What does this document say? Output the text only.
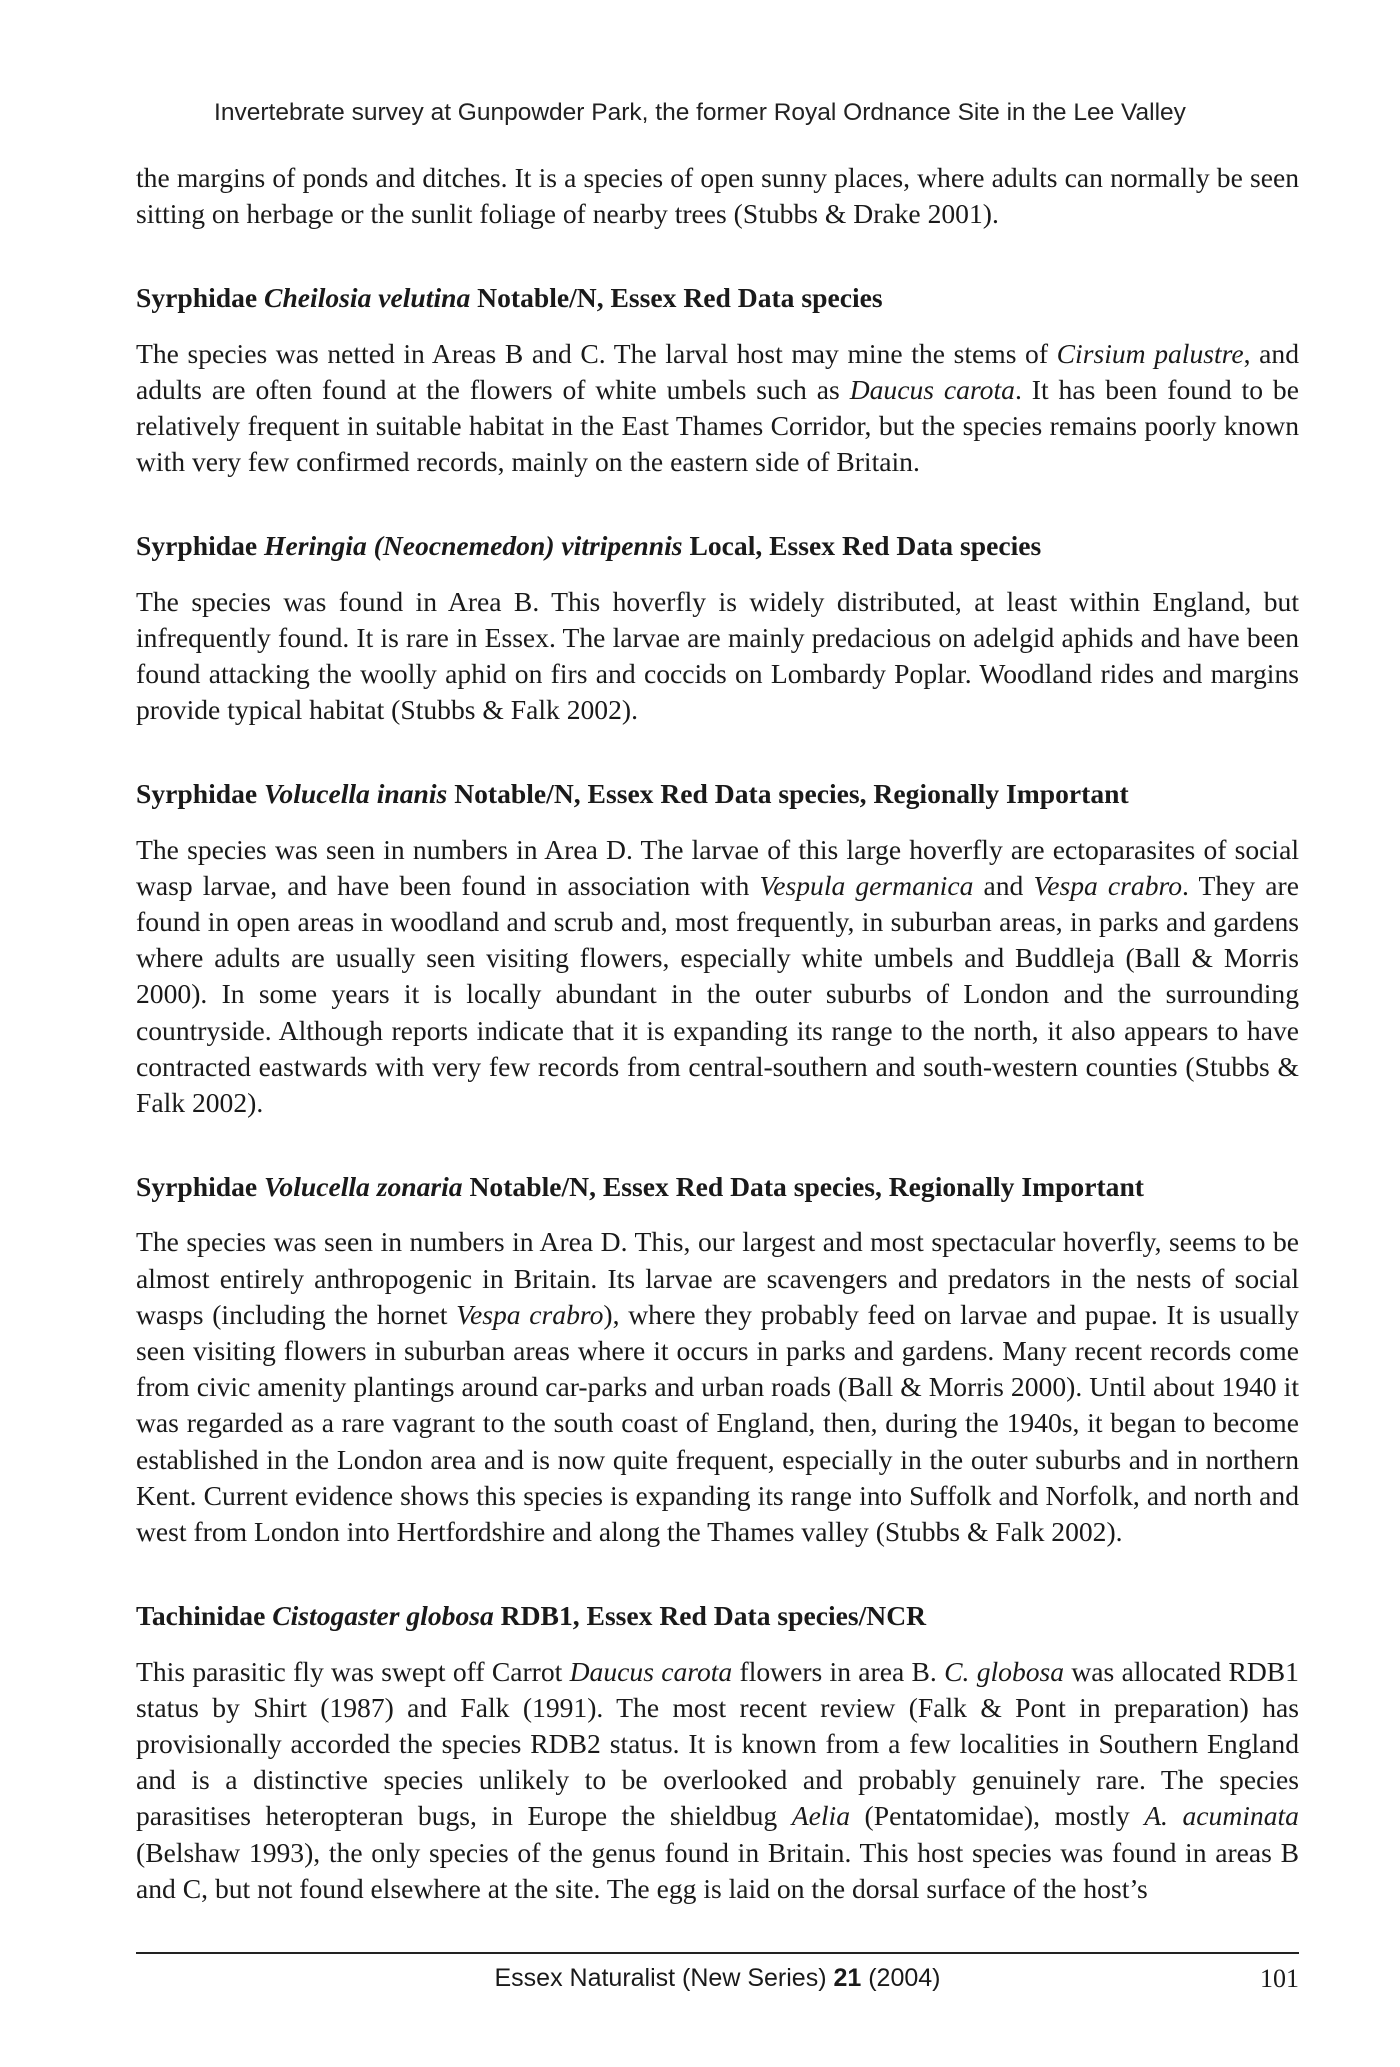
Invertebrate survey at Gunpowder Park, the former Royal Ordnance Site in the Lee Valley

the margins of ponds and ditches. It is a species of open sunny places, where adults can normally be seen sitting on herbage or the sunlit foliage of nearby trees (Stubbs & Drake 2001).

Syrphidae Cheilosia velutina Notable/N, Essex Red Data species

The species was netted in Areas B and C. The larval host may mine the stems of Cirsium palustre, and adults are often found at the flowers of white umbels such as Daucus carota. It has been found to be relatively frequent in suitable habitat in the East Thames Corridor, but the species remains poorly known with very few confirmed records, mainly on the eastern side of Britain.

Syrphidae Heringia (Neocnemedon) vitripennis Local, Essex Red Data species

The species was found in Area B. This hoverfly is widely distributed, at least within England, but infrequently found. It is rare in Essex. The larvae are mainly predacious on adelgid aphids and have been found attacking the woolly aphid on firs and coccids on Lombardy Poplar. Woodland rides and margins provide typical habitat (Stubbs & Falk 2002).

Syrphidae Volucella inanis Notable/N, Essex Red Data species, Regionally Important

The species was seen in numbers in Area D. The larvae of this large hoverfly are ectoparasites of social wasp larvae, and have been found in association with Vespula germanica and Vespa crabro. They are found in open areas in woodland and scrub and, most frequently, in suburban areas, in parks and gardens where adults are usually seen visiting flowers, especially white umbels and Buddleja (Ball & Morris 2000). In some years it is locally abundant in the outer suburbs of London and the surrounding countryside. Although reports indicate that it is expanding its range to the north, it also appears to have contracted eastwards with very few records from central-southern and south-western counties (Stubbs & Falk 2002).

Syrphidae Volucella zonaria Notable/N, Essex Red Data species, Regionally Important

The species was seen in numbers in Area D. This, our largest and most spectacular hoverfly, seems to be almost entirely anthropogenic in Britain. Its larvae are scavengers and predators in the nests of social wasps (including the hornet Vespa crabro), where they probably feed on larvae and pupae. It is usually seen visiting flowers in suburban areas where it occurs in parks and gardens. Many recent records come from civic amenity plantings around car-parks and urban roads (Ball & Morris 2000). Until about 1940 it was regarded as a rare vagrant to the south coast of England, then, during the 1940s, it began to become established in the London area and is now quite frequent, especially in the outer suburbs and in northern Kent. Current evidence shows this species is expanding its range into Suffolk and Norfolk, and north and west from London into Hertfordshire and along the Thames valley (Stubbs & Falk 2002).

Tachinidae Cistogaster globosa RDB1, Essex Red Data species/NCR

This parasitic fly was swept off Carrot Daucus carota flowers in area B. C. globosa was allocated RDB1 status by Shirt (1987) and Falk (1991). The most recent review (Falk & Pont in preparation) has provisionally accorded the species RDB2 status. It is known from a few localities in Southern England and is a distinctive species unlikely to be overlooked and probably genuinely rare. The species parasitises heteropteran bugs, in Europe the shieldbug Aelia (Pentatomidae), mostly A. acuminata (Belshaw 1993), the only species of the genus found in Britain. This host species was found in areas B and C, but not found elsewhere at the site. The egg is laid on the dorsal surface of the host’s

Essex Naturalist (New Series) 21 (2004)	101
